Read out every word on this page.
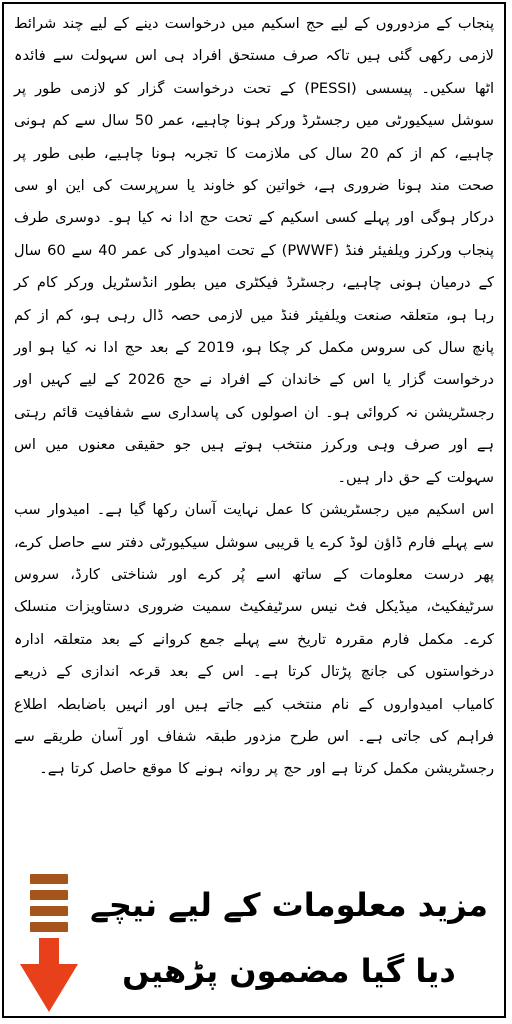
پنجاب کے مزدوروں کے لیے حج اسکیم میں درخواست دینے کے لیے چند شرائط لازمی رکھی گئی ہیں تاکہ صرف مستحق افراد ہی اس سہولت سے فائدہ اٹھا سکیں۔ پیسسی (PESSI) کے تحت درخواست گزار کو لازمی طور پر سوشل سیکیورٹی میں رجسٹرڈ ورکر ہونا چاہیے، عمر 50 سال سے کم ہونی چاہیے، کم از کم 20 سال کی ملازمت کا تجربہ ہونا چاہیے، طبی طور پر صحت مند ہونا ضروری ہے، خواتین کو خاوند یا سرپرست کی این او سی درکار ہوگی اور پہلے کسی اسکیم کے تحت حج ادا نہ کیا ہو۔ دوسری طرف پنجاب ورکرز ویلفیئر فنڈ (PWWF) کے تحت امیدوار کی عمر 40 سے 60 سال کے درمیان ہونی چاہیے، رجسٹرڈ فیکٹری میں بطور انڈسٹریل ورکر کام کر رہا ہو، متعلقہ صنعت ویلفیئر فنڈ میں لازمی حصہ ڈال رہی ہو، کم از کم پانچ سال کی سروس مکمل کر چکا ہو، 2019 کے بعد حج ادا نہ کیا ہو اور درخواست گزار یا اس کے خاندان کے افراد نے حج 2026 کے لیے کہیں اور رجسٹریشن نہ کروائی ہو۔ ان اصولوں کی پاسداری سے شفافیت قائم رہتی ہے اور صرف وہی ورکرز منتخب ہوتے ہیں جو حقیقی معنوں میں اس سہولت کے حق دار ہیں۔

اس اسکیم میں رجسٹریشن کا عمل نہایت آسان رکھا گیا ہے۔ امیدوار سب سے پہلے فارم ڈاؤن لوڈ کرے یا قریبی سوشل سیکیورٹی دفتر سے حاصل کرے، پھر درست معلومات کے ساتھ اسے پُر کرے اور شناختی کارڈ، سروس سرٹیفکیٹ، میڈیکل فٹ نیس سرٹیفکیٹ سمیت ضروری دستاویزات منسلک کرے۔ مکمل فارم مقررہ تاریخ سے پہلے جمع کروانے کے بعد متعلقہ ادارہ درخواستوں کی جانچ پڑتال کرتا ہے۔ اس کے بعد قرعہ اندازی کے ذریعے کامیاب امیدواروں کے نام منتخب کیے جاتے ہیں اور انہیں باضابطہ اطلاع فراہم کی جاتی ہے۔ اس طرح مزدور طبقہ شفاف اور آسان طریقے سے رجسٹریشن مکمل کرتا ہے اور حج پر روانہ ہونے کا موقع حاصل کرتا ہے۔

مزید معلومات کے لیے نیچے
دیا گیا مضمون پڑھیں
